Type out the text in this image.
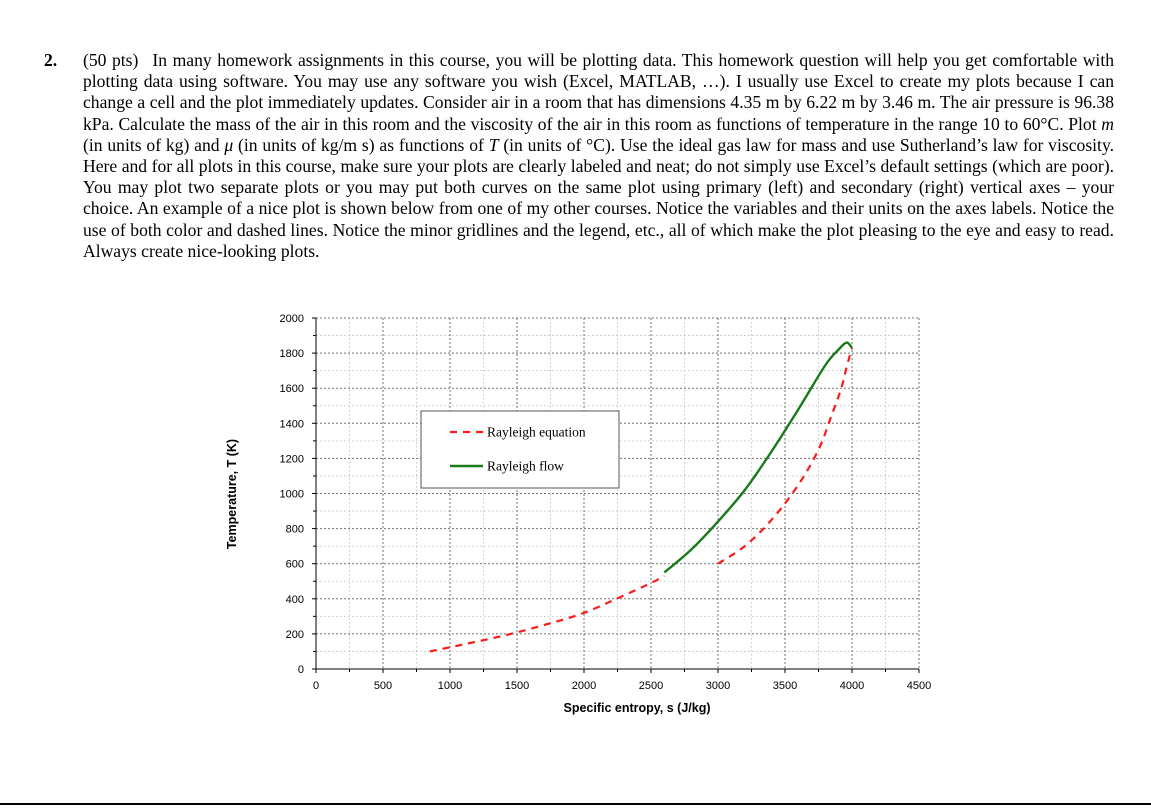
2. (50 pts) In many homework assignments in this course, you will be plotting data. This homework question will help you get comfortable with plotting data using software. You may use any software you wish (Excel, MATLAB, …). I usually use Excel to create my plots because I can change a cell and the plot immediately updates. Consider air in a room that has dimensions 4.35 m by 6.22 m by 3.46 m. The air pressure is 96.38 kPa. Calculate the mass of the air in this room and the viscosity of the air in this room as functions of temperature in the range 10 to 60°C. Plot m (in units of kg) and μ (in units of kg/m s) as functions of T (in units of °C). Use the ideal gas law for mass and use Sutherland’s law for viscosity. Here and for all plots in this course, make sure your plots are clearly labeled and neat; do not simply use Excel’s default settings (which are poor). You may plot two separate plots or you may put both curves on the same plot using primary (left) and secondary (right) vertical axes – your choice. An example of a nice plot is shown below from one of my other courses. Notice the variables and their units on the axes labels. Notice the use of both color and dashed lines. Notice the minor gridlines and the legend, etc., all of which make the plot pleasing to the eye and easy to read. Always create nice-looking plots.
0	500	1000	1500	2000	2500	3000	3500	4000	4500
0
200
400
600
800
1000
1200
1400
1600
1800
2000
Rayleigh equation
Rayleigh flow
Specific entropy, s (J/kg)
Temperature, T (K)
